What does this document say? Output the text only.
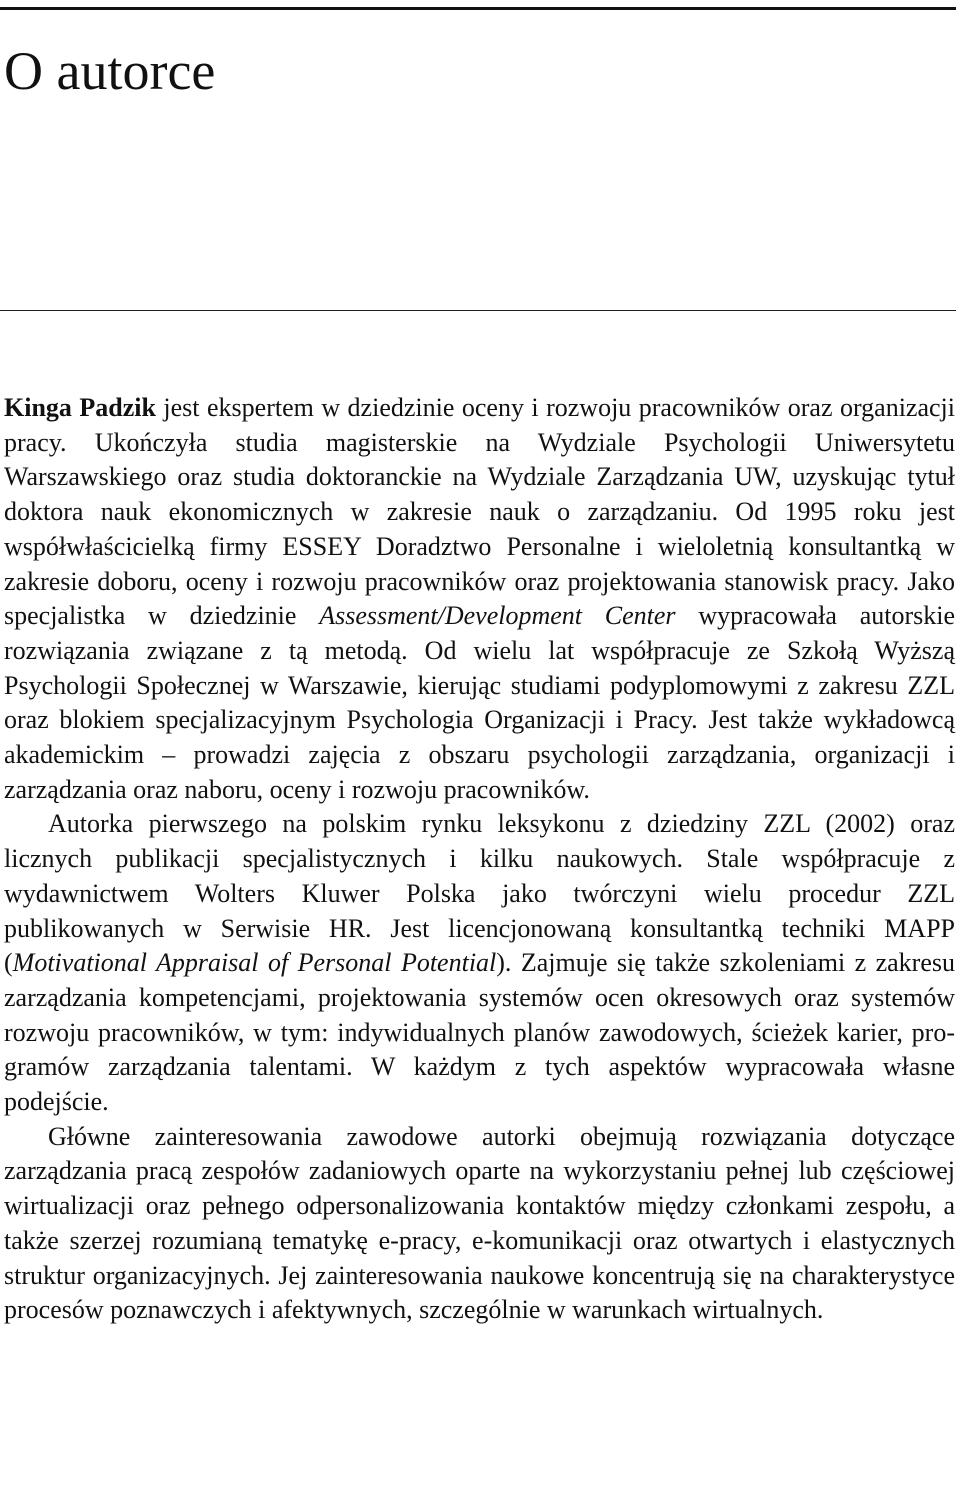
O autorce

Kinga Padzik jest ekspertem w dziedzinie oceny i rozwoju pracowników oraz organizacji pracy. Ukończyła studia magisterskie na Wydziale Psychologii Uniwersytetu Warszawskiego oraz studia doktoranckie na Wydziale Zarządzania UW, uzyskując tytuł doktora nauk ekonomicznych w zakresie nauk o zarządzaniu. Od 1995 roku jest współwłaścicielką firmy ESSEY Doradztwo Personalne i wieloletnią konsultantką w zakresie doboru, oceny i rozwoju pracowników oraz projektowania stanowisk pracy. Jako specjalistka w dziedzinie Assessment/Development Center wypracowała autorskie rozwiązania związane z tą metodą. Od wielu lat współpracuje ze Szkołą Wyższą Psychologii Społecznej w Warszawie, kierując studiami podyplomowymi z zakresu ZZL oraz blokiem specjalizacyjnym Psychologia Organizacji i Pracy. Jest także wykładowcą akademickim – prowadzi zajęcia z obszaru psychologii zarządzania, organizacji i zarządzania oraz naboru, oceny i rozwoju pracowników.

Autorka pierwszego na polskim rynku leksykonu z dziedziny ZZL (2002) oraz licznych publikacji specjalistycznych i kilku naukowych. Stale współpracuje z wydawnictwem Wolters Kluwer Polska jako twórczyni wielu procedur ZZL publikowanych w Serwisie HR. Jest licencjonowaną konsultantką techniki MAPP (Motivational Appraisal of Personal Potential). Zajmuje się także szkoleniami z zakresu zarządzania kompetencjami, projektowania systemów ocen okresowych oraz systemów rozwoju pracowników, w tym: indywidualnych planów zawodowych, ścieżek karier, programów zarządzania talentami. W każdym z tych aspektów wypracowała własne podejście.

Główne zainteresowania zawodowe autorki obejmują rozwiązania dotyczące zarządzania pracą zespołów zadaniowych oparte na wykorzystaniu pełnej lub częściowej wirtualizacji oraz pełnego odpersonalizowania kontaktów między członkami zespołu, a także szerzej rozumianą tematykę e-pracy, e-komunikacji oraz otwartych i elastycznych struktur organizacyjnych. Jej zainteresowania naukowe koncentrują się na charakterystyce procesów poznawczych i afektywnych, szczególnie w warunkach wirtualnych.
